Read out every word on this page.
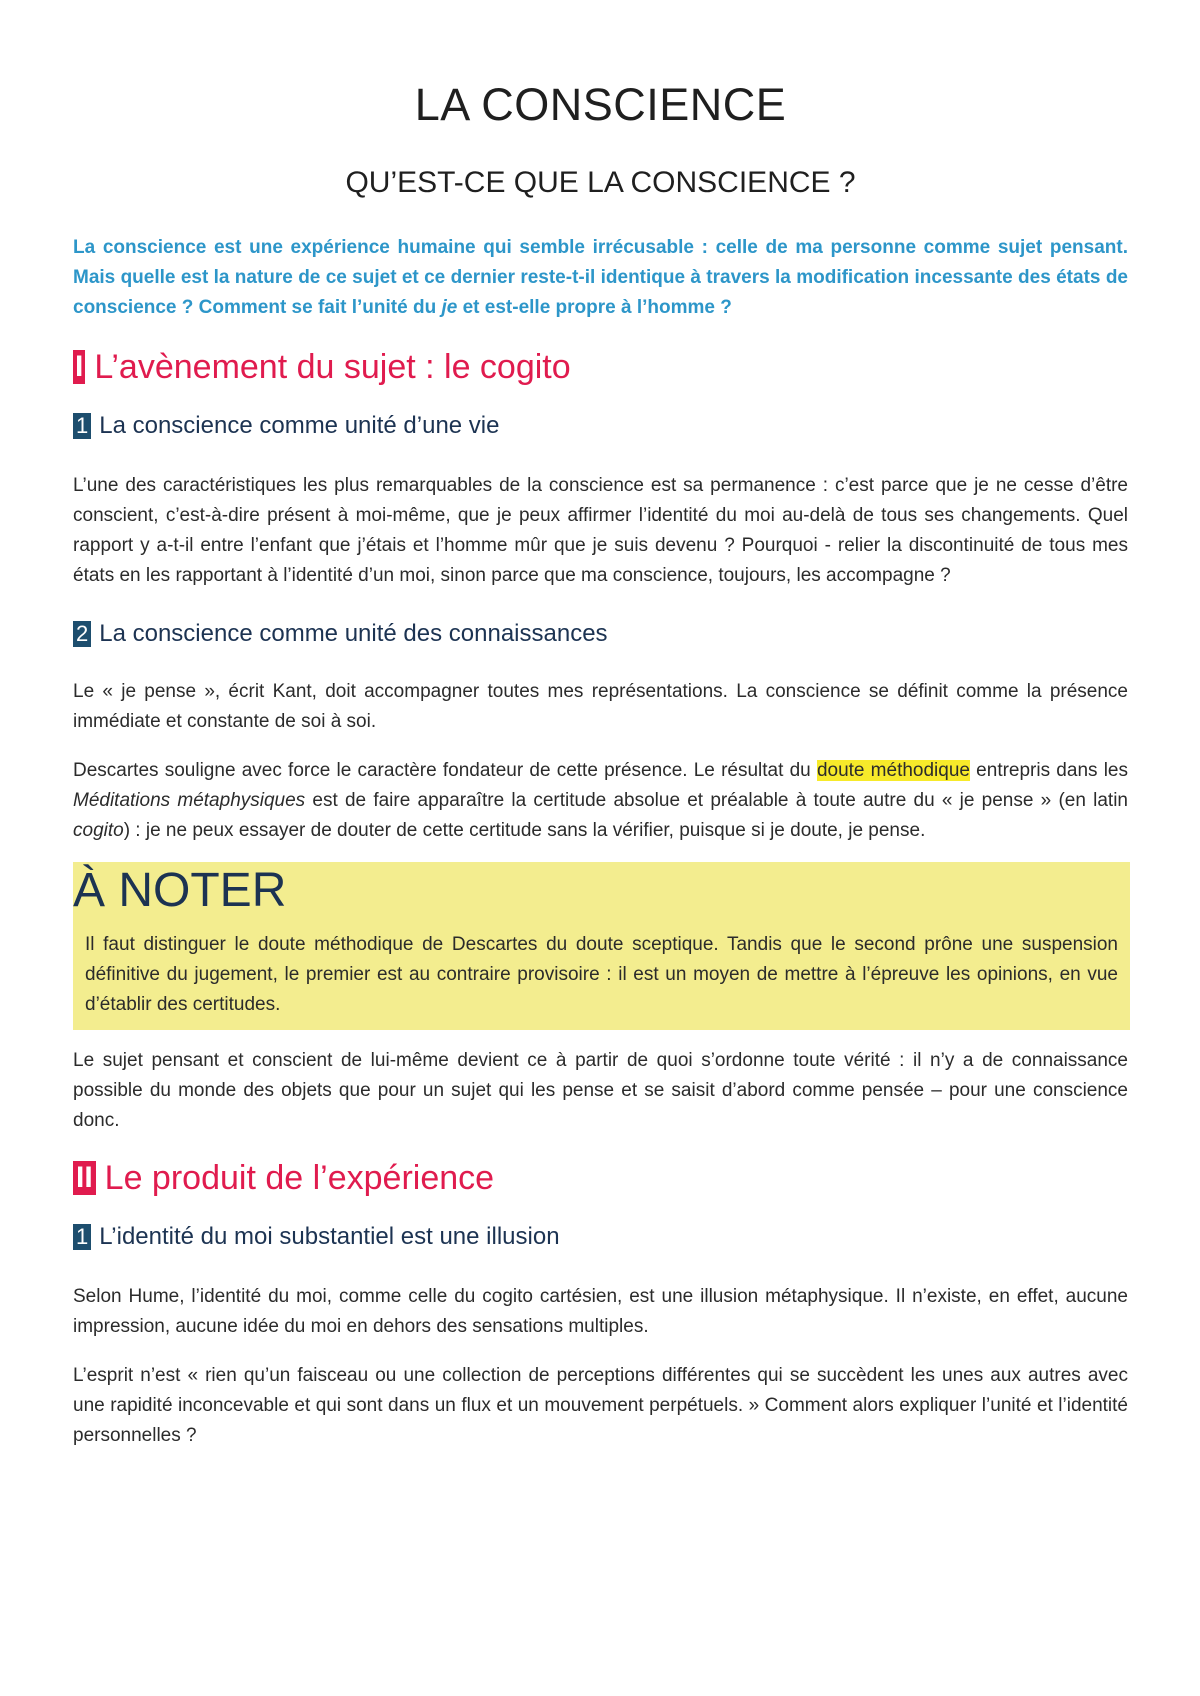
LA CONSCIENCE
QU’EST-CE QUE LA CONSCIENCE ?

La conscience est une expérience humaine qui semble irrécusable : celle de ma personne comme sujet pensant. Mais quelle est la nature de ce sujet et ce dernier reste-t-il identique à travers la modification incessante des états de conscience ? Comment se fait l’unité du je et est-elle propre à l’homme ?

I L’avènement du sujet : le cogito
1 La conscience comme unité d’une vie

L’une des caractéristiques les plus remarquables de la conscience est sa permanence : c’est parce que je ne cesse d’être conscient, c’est-à-dire présent à moi-même, que je peux affirmer l’identité du moi au-delà de tous ses changements. Quel rapport y a-t-il entre l’enfant que j’étais et l’homme mûr que je suis devenu ? Pourquoi - relier la discontinuité de tous mes états en les rapportant à l’identité d’un moi, sinon parce que ma conscience, toujours, les accompagne ?

2 La conscience comme unité des connaissances

Le « je pense », écrit Kant, doit accompagner toutes mes représentations. La conscience se définit comme la présence immédiate et constante de soi à soi.

Descartes souligne avec force le caractère fondateur de cette présence. Le résultat du doute méthodique entrepris dans les Méditations métaphysiques est de faire apparaître la certitude absolue et préalable à toute autre du « je pense » (en latin cogito) : je ne peux essayer de douter de cette certitude sans la vérifier, puisque si je doute, je pense.

À NOTER

Il faut distinguer le doute méthodique de Descartes du doute sceptique. Tandis que le second prône une suspension définitive du jugement, le premier est au contraire provisoire : il est un moyen de mettre à l’épreuve les opinions, en vue d’établir des certitudes.

Le sujet pensant et conscient de lui-même devient ce à partir de quoi s’ordonne toute vérité : il n’y a de connaissance possible du monde des objets que pour un sujet qui les pense et se saisit d’abord comme pensée – pour une conscience donc.

II Le produit de l’expérience
1 L’identité du moi substantiel est une illusion

Selon Hume, l’identité du moi, comme celle du cogito cartésien, est une illusion métaphysique. Il n’existe, en effet, aucune impression, aucune idée du moi en dehors des sensations multiples.

L’esprit n’est « rien qu’un faisceau ou une collection de perceptions différentes qui se succèdent les unes aux autres avec une rapidité inconcevable et qui sont dans un flux et un mouvement perpétuels. » Comment alors expliquer l’unité et l’identité personnelles ?
